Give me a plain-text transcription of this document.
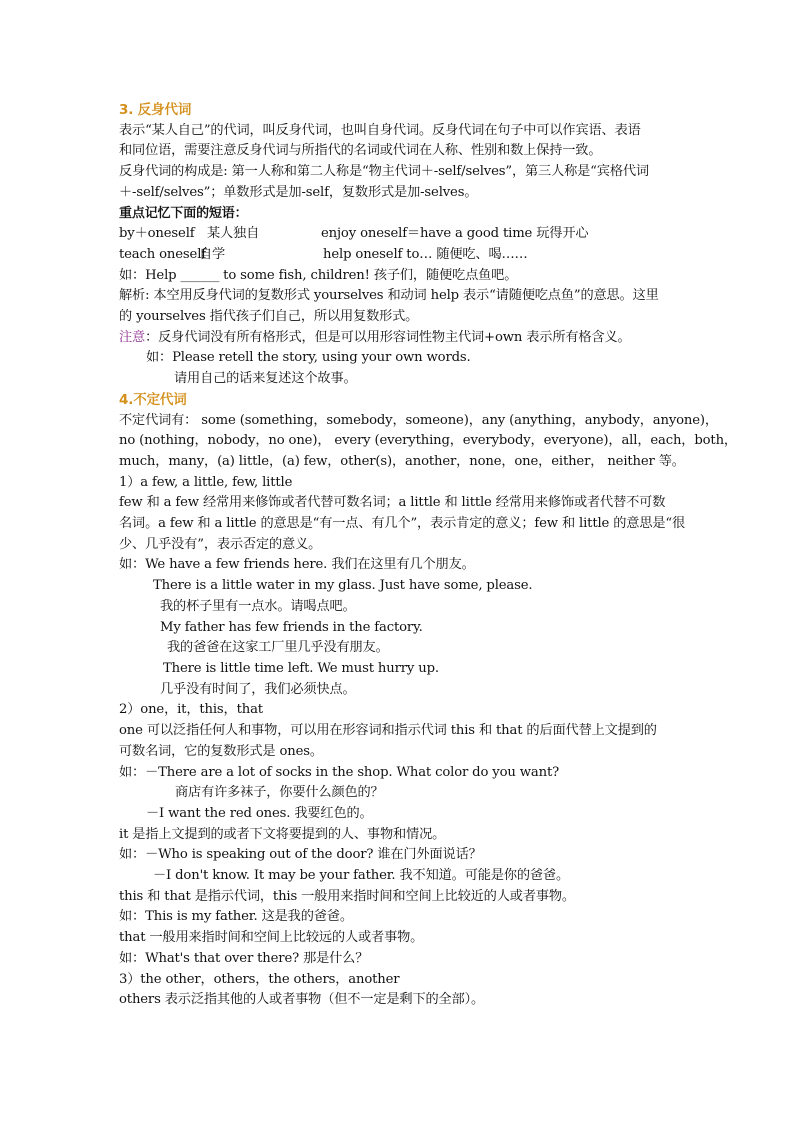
3. 反身代词
表示“某人自己”的代词，叫反身代词，也叫自身代词。反身代词在句子中可以作宾语、表语
和同位语，需要注意反身代词与所指代的名词或代词在人称、性别和数上保持一致。
反身代词的构成是: 第一人称和第二人称是“物主代词＋-self/selves”，第三人称是“宾格代词
＋-self/selves”；单数形式是加-self，复数形式是加-selves。
重点记忆下面的短语：
by＋oneself 某人独自	enjoy oneself＝have a good time 玩得开心
teach oneself自学	help oneself to… 随便吃、喝……
如：Help ______ to some fish, children! 孩子们，随便吃点鱼吧。
解析: 本空用反身代词的复数形式 yourselves 和动词 help 表示“请随便吃点鱼”的意思。这里
的 yourselves 指代孩子们自己，所以用复数形式。
注意：反身代词没有所有格形式，但是可以用形容词性物主代词+own 表示所有格含义。
如：Please retell the story, using your own words.
请用自己的话来复述这个故事。
4.不定代词
不定代词有： some (something，somebody，someone)，any (anything，anybody，anyone)，
no (nothing，nobody，no one)， every (everything，everybody，everyone)，all，each，both，
much，many，(a) little，(a) few，other(s)，another，none，one，either， neither 等。
1）a few, a little, few, little
few 和 a few 经常用来修饰或者代替可数名词；a little 和 little 经常用来修饰或者代替不可数
名词。a few 和 a little 的意思是“有一点、有几个”，表示肯定的意义；few 和 little 的意思是“很
少、几乎没有”，表示否定的意义。
如：We have a few friends here. 我们在这里有几个朋友。
There is a little water in my glass. Just have some, please.
我的杯子里有一点水。请喝点吧。
My father has few friends in the factory.
我的爸爸在这家工厂里几乎没有朋友。
There is little time left. We must hurry up.
几乎没有时间了，我们必须快点。
2）one，it，this，that
one 可以泛指任何人和事物，可以用在形容词和指示代词 this 和 that 的后面代替上文提到的
可数名词，它的复数形式是 ones。
如：－There are a lot of socks in the shop. What color do you want?
商店有许多袜子，你要什么颜色的？
－I want the red ones. 我要红色的。
it 是指上文提到的或者下文将要提到的人、事物和情况。
如：－Who is speaking out of the door? 谁在门外面说话？
－I don't know. It may be your father. 我不知道。可能是你的爸爸。
this 和 that 是指示代词，this 一般用来指时间和空间上比较近的人或者事物。
如：This is my father. 这是我的爸爸。
that 一般用来指时间和空间上比较远的人或者事物。
如：What's that over there? 那是什么？
3）the other，others，the others，another
others 表示泛指其他的人或者事物（但不一定是剩下的全部）。
